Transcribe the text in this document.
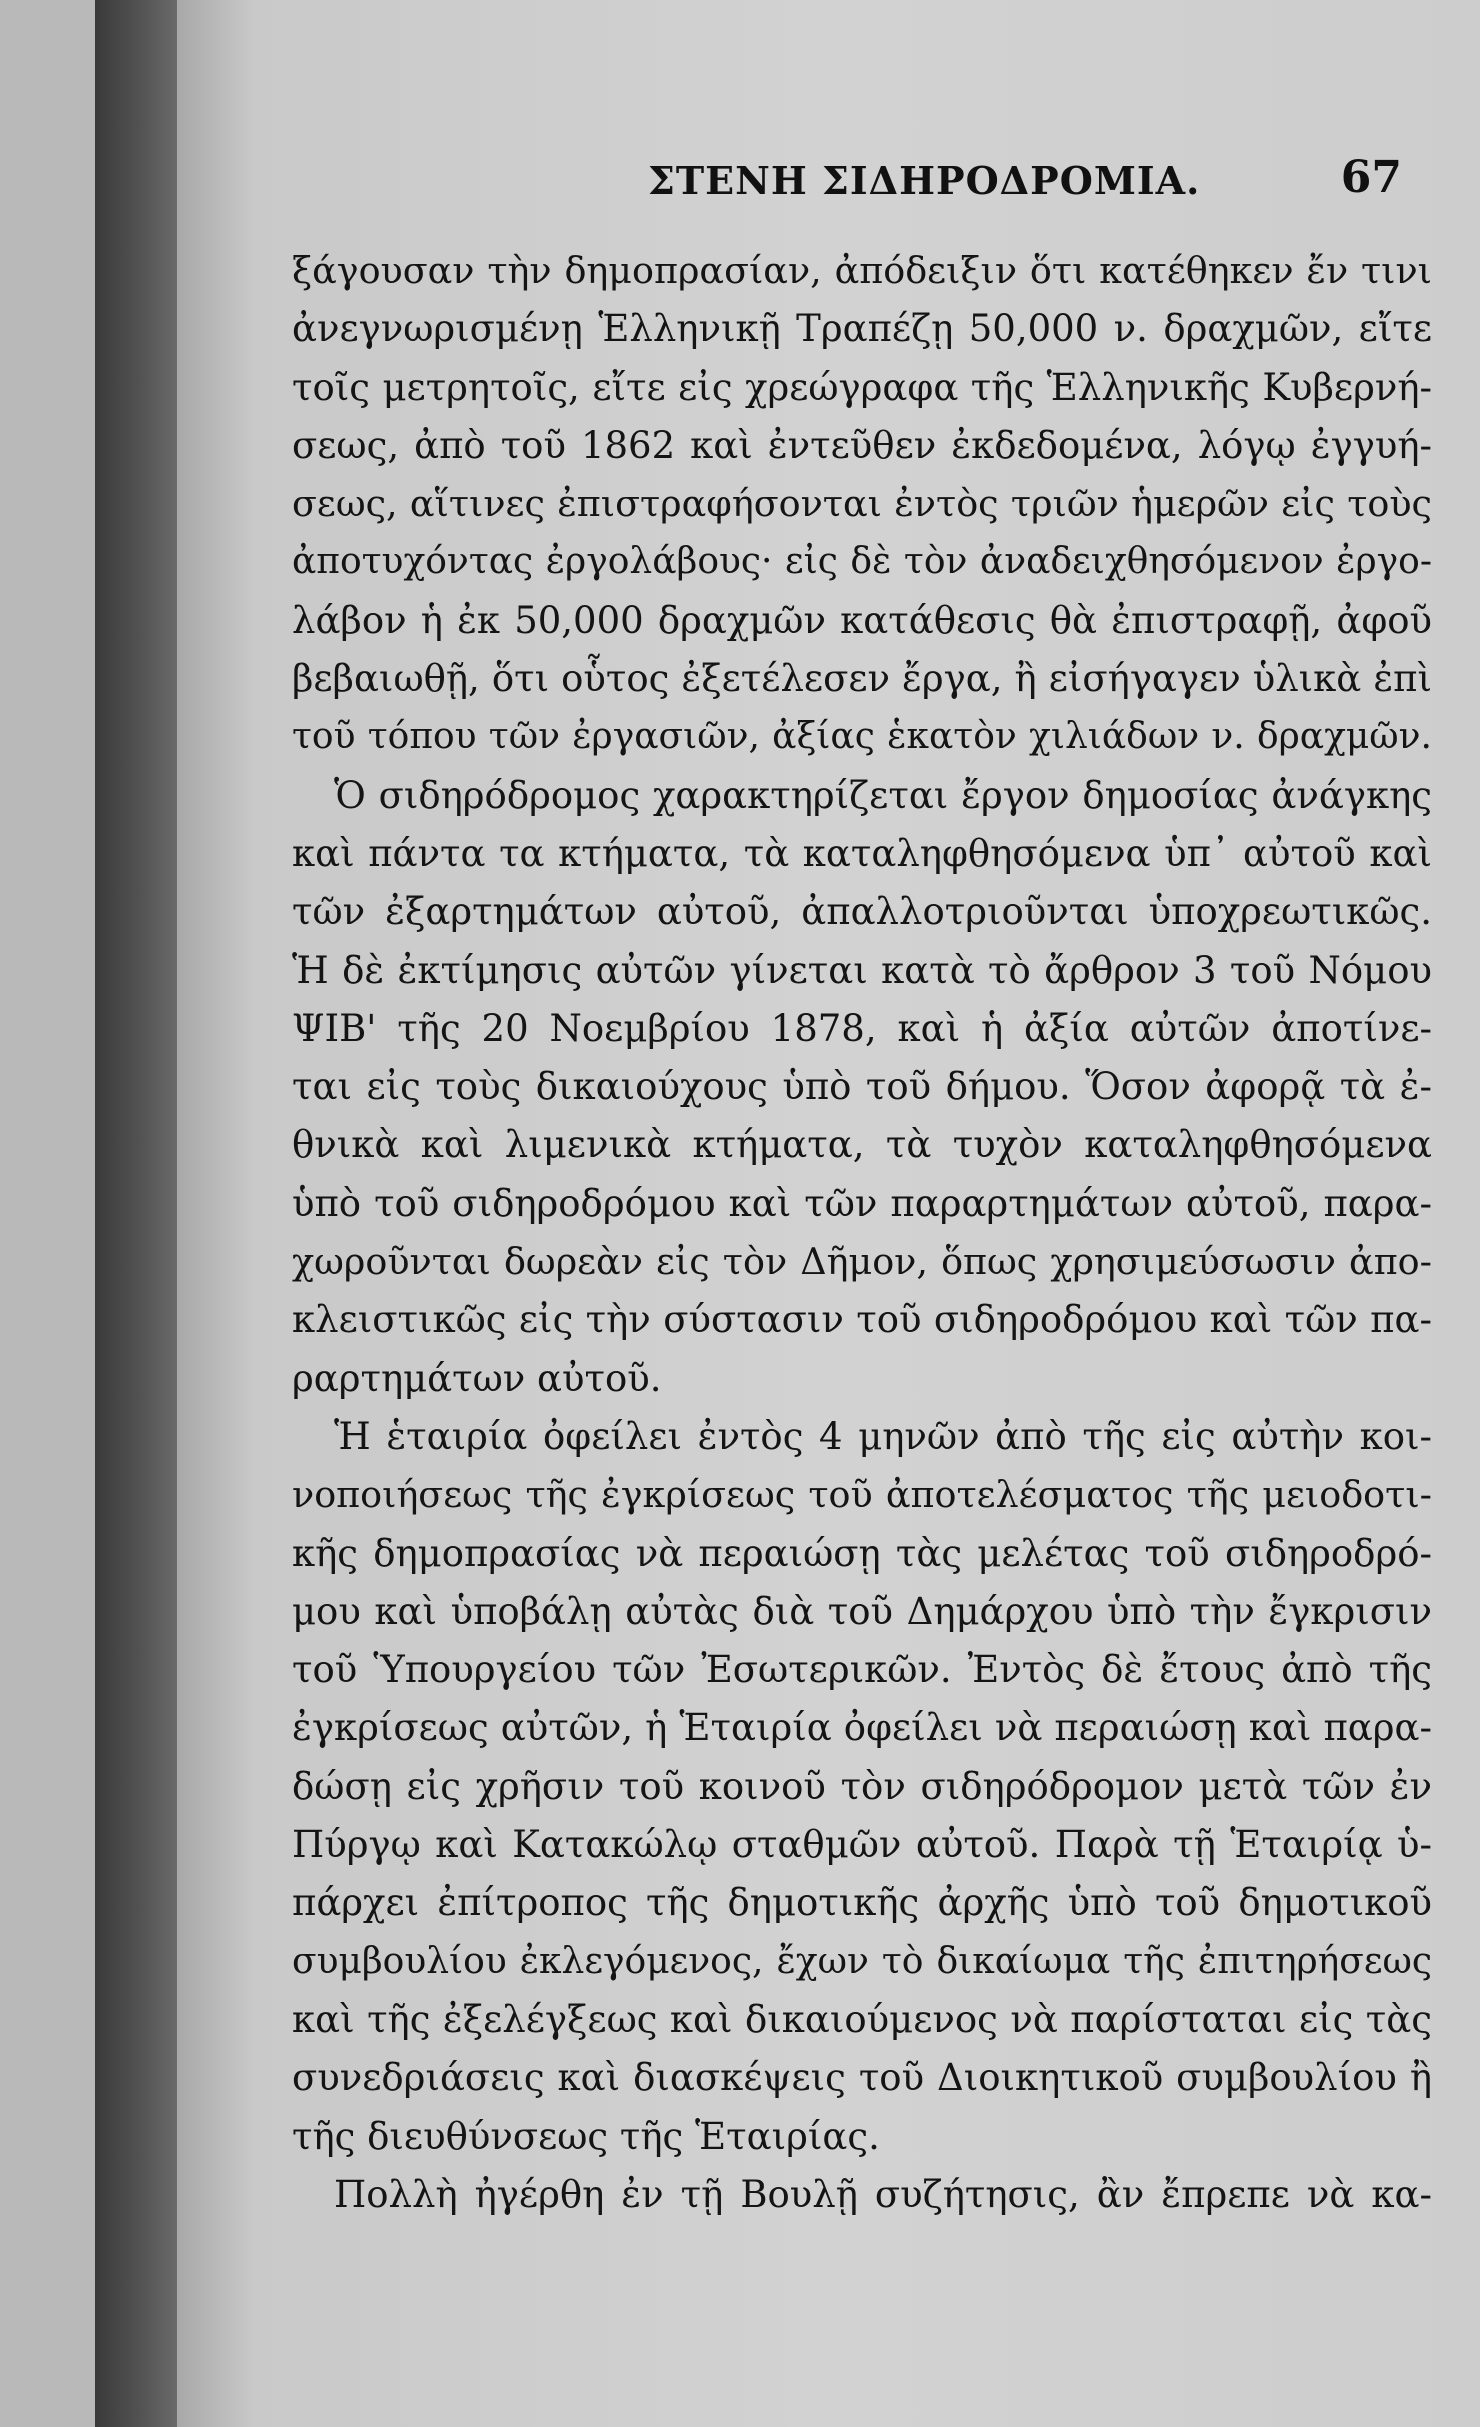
ΣΤΕΝΗ ΣΙΔΗΡΟΔΡΟΜΙΑ.	67
ξάγουσαν τὴν δημοπρασίαν, ἀπόδειξιν ὅτι κατέθηκεν ἔν τινι
ἀνεγνωρισμένῃ Ἑλληνικῇ Τραπέζῃ 50,000 ν. δραχμῶν, εἴτε
τοῖς μετρητοῖς, εἴτε εἰς χρεώγραφα τῆς Ἑλληνικῆς Κυβερνή-
σεως, ἀπὸ τοῦ 1862 καὶ ἐντεῦθεν ἐκδεδομένα, λόγῳ ἐγγυή-
σεως, αἵτινες ἐπιστραφήσονται ἐντὸς τριῶν ἡμερῶν εἰς τοὺς
ἀποτυχόντας ἐργολάβους· εἰς δὲ τὸν ἀναδειχθησόμενον ἐργο-
λάβον ἡ ἐκ 50,000 δραχμῶν κατάθεσις θὰ ἐπιστραφῇ, ἀφοῦ
βεβαιωθῇ, ὅτι οὗτος ἐξετέλεσεν ἔργα, ἢ εἰσήγαγεν ὑλικὰ ἐπὶ
τοῦ τόπου τῶν ἐργασιῶν, ἀξίας ἑκατὸν χιλιάδων ν. δραχμῶν.
Ὁ σιδηρόδρομος χαρακτηρίζεται ἔργον δημοσίας ἀνάγκης
καὶ πάντα τα κτήματα, τὰ καταληφθησόμενα ὑπ᾽ αὐτοῦ καὶ
τῶν ἐξαρτημάτων αὐτοῦ, ἀπαλλοτριοῦνται ὑποχρεωτικῶς.
Ἡ δὲ ἐκτίμησις αὐτῶν γίνεται κατὰ τὸ ἄρθρον 3 τοῦ Νόμου
ΨΙΒ' τῆς 20 Νοεμβρίου 1878, καὶ ἡ ἀξία αὐτῶν ἀποτίνε-
ται εἰς τοὺς δικαιούχους ὑπὸ τοῦ δήμου. Ὅσον ἀφορᾷ τὰ ἐ-
θνικὰ καὶ λιμενικὰ κτήματα, τὰ τυχὸν καταληφθησόμενα
ὑπὸ τοῦ σιδηροδρόμου καὶ τῶν παραρτημάτων αὐτοῦ, παρα-
χωροῦνται δωρεὰν εἰς τὸν Δῆμον, ὅπως χρησιμεύσωσιν ἀπο-
κλειστικῶς εἰς τὴν σύστασιν τοῦ σιδηροδρόμου καὶ τῶν πα-
ραρτημάτων αὐτοῦ.
Ἡ ἑταιρία ὀφείλει ἐντὸς 4 μηνῶν ἀπὸ τῆς εἰς αὐτὴν κοι-
νοποιήσεως τῆς ἐγκρίσεως τοῦ ἀποτελέσματος τῆς μειοδοτι-
κῆς δημοπρασίας νὰ περαιώσῃ τὰς μελέτας τοῦ σιδηροδρό-
μου καὶ ὑποβάλῃ αὐτὰς διὰ τοῦ Δημάρχου ὑπὸ τὴν ἔγκρισιν
τοῦ Ὑπουργείου τῶν Ἐσωτερικῶν. Ἐντὸς δὲ ἔτους ἀπὸ τῆς
ἐγκρίσεως αὐτῶν, ἡ Ἑταιρία ὀφείλει νὰ περαιώσῃ καὶ παρα-
δώσῃ εἰς χρῆσιν τοῦ κοινοῦ τὸν σιδηρόδρομον μετὰ τῶν ἐν
Πύργῳ καὶ Κατακώλῳ σταθμῶν αὐτοῦ. Παρὰ τῇ Ἑταιρίᾳ ὑ-
πάρχει ἐπίτροπος τῆς δημοτικῆς ἀρχῆς ὑπὸ τοῦ δημοτικοῦ
συμβουλίου ἐκλεγόμενος, ἔχων τὸ δικαίωμα τῆς ἐπιτηρήσεως
καὶ τῆς ἐξελέγξεως καὶ δικαιούμενος νὰ παρίσταται εἰς τὰς
συνεδριάσεις καὶ διασκέψεις τοῦ Διοικητικοῦ συμβουλίου ἢ
τῆς διευθύνσεως τῆς Ἑταιρίας.
Πολλὴ ἠγέρθη ἐν τῇ Βουλῇ συζήτησις, ἂν ἔπρεπε νὰ κα-
